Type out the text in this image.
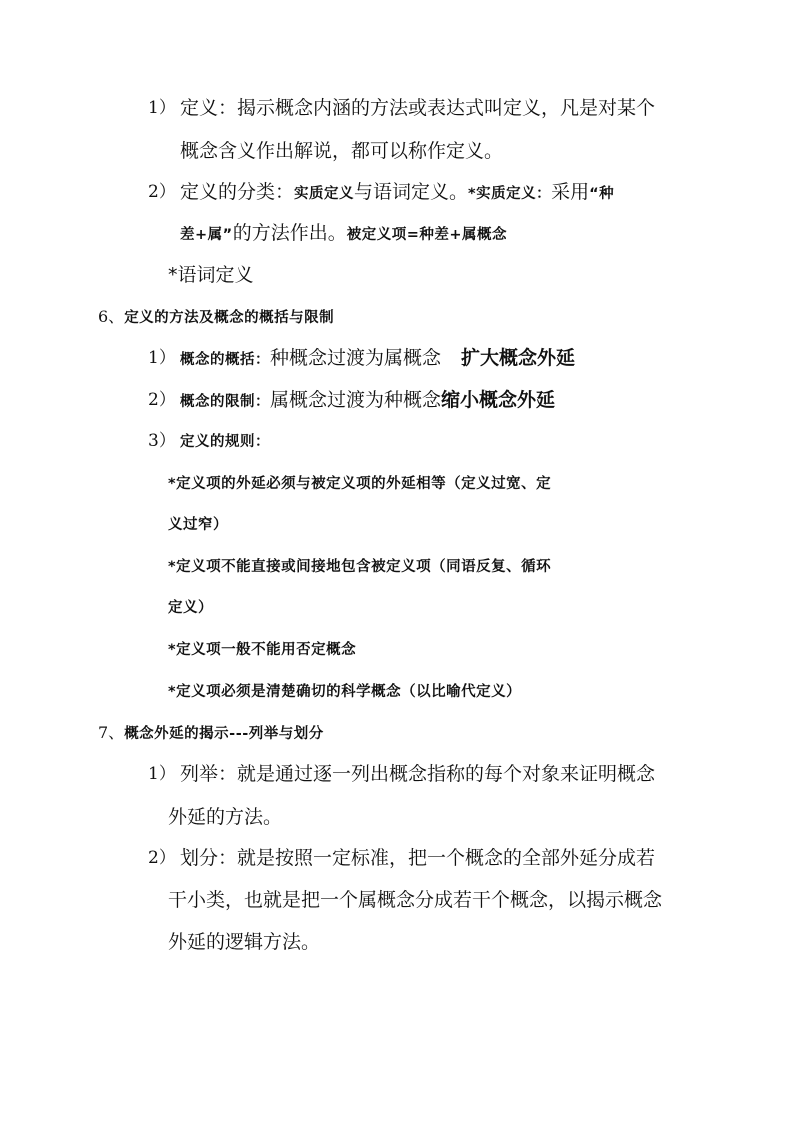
1） 定义：揭示概念内涵的方法或表达式叫定义，凡是对某个
概念含义作出解说，都可以称作定义。
2） 定义的分类：实质定义与语词定义。*实质定义：采用“种
差+属”的方法作出。被定义项=种差+属概念
*语词定义
6、定义的方法及概念的概括与限制
1） 概念的概括：种概念过渡为属概念 扩大概念外延
2） 概念的限制：属概念过渡为种概念缩小概念外延
3） 定义的规则：
*定义项的外延必须与被定义项的外延相等（定义过宽、定
义过窄）
*定义项不能直接或间接地包含被定义项（同语反复、循环
定义）
*定义项一般不能用否定概念
*定义项必须是清楚确切的科学概念（以比喻代定义）
7、概念外延的揭示---列举与划分
1） 列举：就是通过逐一列出概念指称的每个对象来证明概念
外延的方法。
2） 划分：就是按照一定标准，把一个概念的全部外延分成若
干小类，也就是把一个属概念分成若干个概念，以揭示概念
外延的逻辑方法。
